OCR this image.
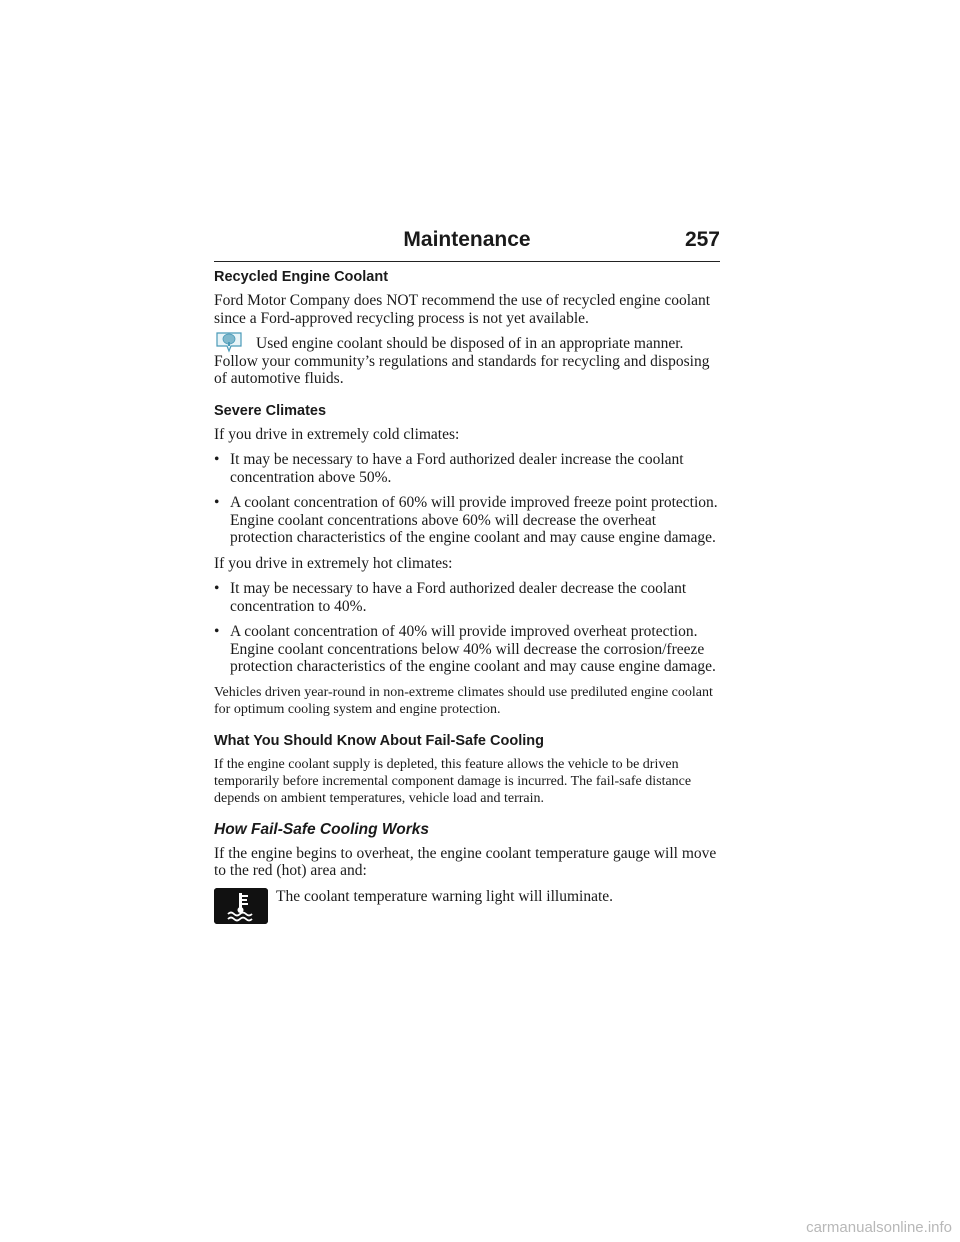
Maintenance	257
Recycled Engine Coolant

Ford Motor Company does NOT recommend the use of recycled engine coolant since a Ford-approved recycling process is not yet available.

Used engine coolant should be disposed of in an appropriate manner. Follow your community’s regulations and standards for recycling and disposing of automotive fluids.
Severe Climates

If you drive in extremely cold climates:

• It may be necessary to have a Ford authorized dealer increase the coolant concentration above 50%.
• A coolant concentration of 60% will provide improved freeze point protection. Engine coolant concentrations above 60% will decrease the overheat protection characteristics of the engine coolant and may cause engine damage.

If you drive in extremely hot climates:

• It may be necessary to have a Ford authorized dealer decrease the coolant concentration to 40%.
• A coolant concentration of 40% will provide improved overheat protection. Engine coolant concentrations below 40% will decrease the corrosion/freeze protection characteristics of the engine coolant and may cause engine damage.

Vehicles driven year-round in non-extreme climates should use prediluted engine coolant for optimum cooling system and engine protection.

What You Should Know About Fail-Safe Cooling

If the engine coolant supply is depleted, this feature allows the vehicle to be driven temporarily before incremental component damage is incurred. The fail-safe distance depends on ambient temperatures, vehicle load and terrain.

How Fail-Safe Cooling Works

If the engine begins to overheat, the engine coolant temperature gauge will move to the red (hot) area and:

The coolant temperature warning light will illuminate.
carmanualsonline.info
